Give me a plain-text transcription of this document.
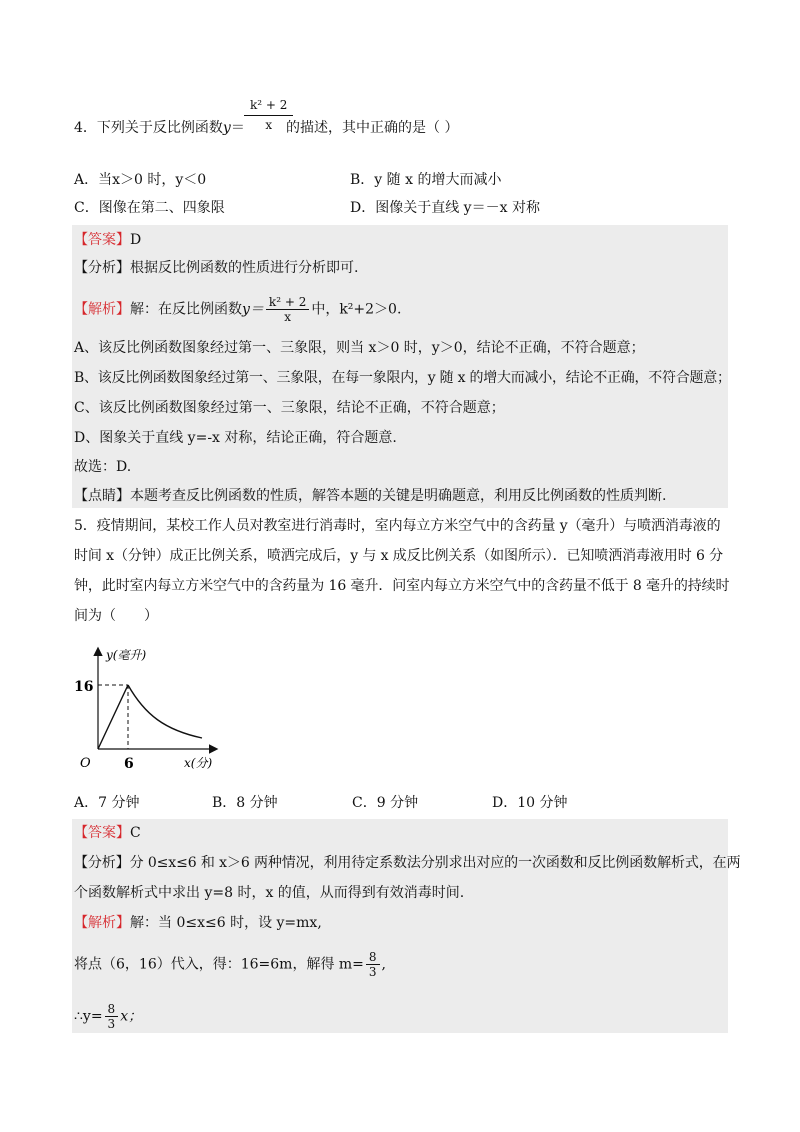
$\frac{\text{k² + 2}}{x}$
4．下列关于反比例函数y＝	的描述，其中正确的是（ ）
A．当x＞0 时，y＜0	B．y 随 x 的增大而减小
C．图像在第二、四象限	D．图像关于直线 y＝－x 对称
【答案】D
【分析】根据反比例函数的性质进行分析即可.
【解析】解：在反比例函数$y= \frac{\text{k² + 2}}{x}$ 中，k²+2＞0.
A、该反比例函数图象经过第一、三象限，则当 x＞0 时，y＞0，结论不正确，不符合题意；
B、该反比例函数图象经过第一、三象限，在每一象限内，y 随 x 的增大而减小，结论不正确，不符合题意；
C、该反比例函数图象经过第一、三象限，结论不正确，不符合题意；
D、图象关于直线 y=-x 对称，结论正确，符合题意.
故选：D.
【点睛】本题考查反比例函数的性质，解答本题的关键是明确题意，利用反比例函数的性质判断.
5．疫情期间，某校工作人员对教室进行消毒时，室内每立方米空气中的含药量 y（毫升）与喷洒消毒液的
时间 x（分钟）成正比例关系，喷洒完成后，y 与 x 成反比例关系（如图所示）．已知喷洒消毒液用时 6 分
钟，此时室内每立方米空气中的含药量为 16 毫升．问室内每立方米空气中的含药量不低于 8 毫升的持续时
间为（　　）
y(毫升)
16
O 6	x(分)
A．7 分钟	B．8 分钟	C．9 分钟	D．10 分钟
【答案】C
【分析】分 0≤x≤6 和 x＞6 两种情况，利用待定系数法分别求出对应的一次函数和反比例函数解析式，在两
个函数解析式中求出 y=8 时，x 的值，从而得到有效消毒时间.
【解析】解：当 0≤x≤6 时，设 y=mx,
将点（6，16）代入，得：16=6m，解得 $m= \frac{8}{3}$ ,
∴y= $\frac{8}{3}$ x；
